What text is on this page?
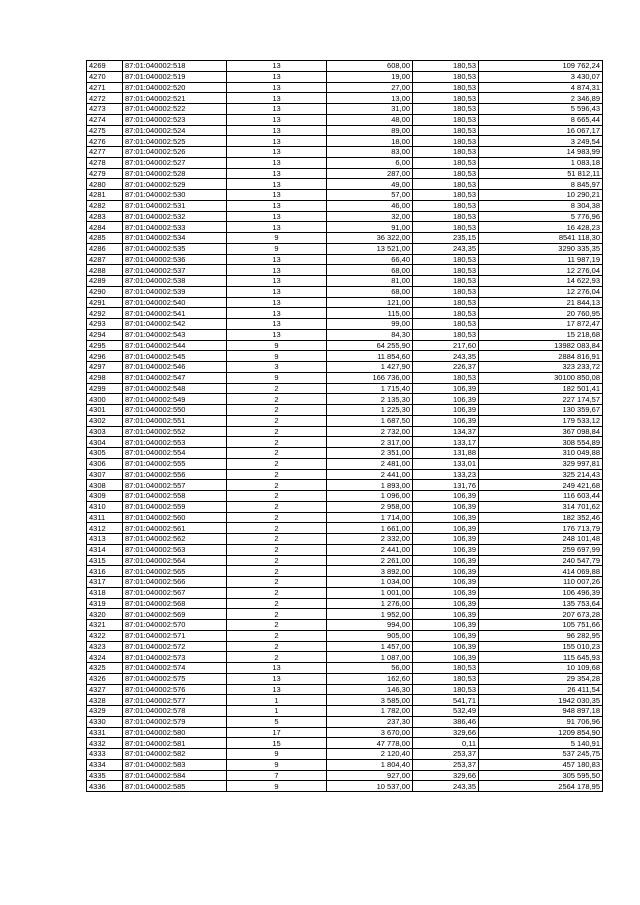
4269	87:01:040002:518	13	608,00	180,53	109 762,24
4270	87:01:040002:519	13	19,00	180,53	3 430,07
4271	87:01:040002:520	13	27,00	180,53	4 874,31
4272	87:01:040002:521	13	13,00	180,53	2 346,89
4273	87:01:040002:522	13	31,00	180,53	5 596,43
4274	87:01:040002:523	13	48,00	180,53	8 665,44
4275	87:01:040002:524	13	89,00	180,53	16 067,17
4276	87:01:040002:525	13	18,00	180,53	3 249,54
4277	87:01:040002:526	13	83,00	180,53	14 983,99
4278	87:01:040002:527	13	6,00	180,53	1 083,18
4279	87:01:040002:528	13	287,00	180,53	51 812,11
4280	87:01:040002:529	13	49,00	180,53	8 845,97
4281	87:01:040002:530	13	57,00	180,53	10 290,21
4282	87:01:040002:531	13	46,00	180,53	8 304,38
4283	87:01:040002:532	13	32,00	180,53	5 776,96
4284	87:01:040002:533	13	91,00	180,53	16 428,23
4285	87:01:040002:534	9	36 322,00	235,15	8541 118,30
4286	87:01:040002:535	9	13 521,00	243,35	3290 335,35
4287	87:01:040002:536	13	66,40	180,53	11 987,19
4288	87:01:040002:537	13	68,00	180,53	12 276,04
4289	87:01:040002:538	13	81,00	180,53	14 622,93
4290	87:01:040002:539	13	68,00	180,53	12 276,04
4291	87:01:040002:540	13	121,00	180,53	21 844,13
4292	87:01:040002:541	13	115,00	180,53	20 760,95
4293	87:01:040002:542	13	99,00	180,53	17 872,47
4294	87:01:040002:543	13	84,30	180,53	15 218,68
4295	87:01:040002:544	9	64 255,90	217,60	13982 083,84
4296	87:01:040002:545	9	11 854,60	243,35	2884 816,91
4297	87:01:040002:546	3	1 427,90	226,37	323 233,72
4298	87:01:040002:547	9	166 736,00	180,53	30100 850,08
4299	87:01:040002:548	2	1 715,40	106,39	182 501,41
4300	87:01:040002:549	2	2 135,30	106,39	227 174,57
4301	87:01:040002:550	2	1 225,30	106,39	130 359,67
4302	87:01:040002:551	2	1 687,50	106,39	179 533,12
4303	87:01:040002:552	2	2 732,00	134,37	367 098,84
4304	87:01:040002:553	2	2 317,00	133,17	308 554,89
4305	87:01:040002:554	2	2 351,00	131,88	310 049,88
4306	87:01:040002:555	2	2 481,00	133,01	329 997,81
4307	87:01:040002:556	2	2 441,00	133,23	325 214,43
4308	87:01:040002:557	2	1 893,00	131,76	249 421,68
4309	87:01:040002:558	2	1 096,00	106,39	116 603,44
4310	87:01:040002:559	2	2 958,00	106,39	314 701,62
4311	87:01:040002:560	2	1 714,00	106,39	182 352,46
4312	87:01:040002:561	2	1 661,00	106,39	176 713,79
4313	87:01:040002:562	2	2 332,00	106,39	248 101,48
4314	87:01:040002:563	2	2 441,00	106,39	259 697,99
4315	87:01:040002:564	2	2 261,00	106,39	240 547,79
4316	87:01:040002:565	2	3 892,00	106,39	414 069,88
4317	87:01:040002:566	2	1 034,00	106,39	110 007,26
4318	87:01:040002:567	2	1 001,00	106,39	106 496,39
4319	87:01:040002:568	2	1 276,00	106,39	135 753,64
4320	87:01:040002:569	2	1 952,00	106,39	207 673,28
4321	87:01:040002:570	2	994,00	106,39	105 751,66
4322	87:01:040002:571	2	905,00	106,39	96 282,95
4323	87:01:040002:572	2	1 457,00	106,39	155 010,23
4324	87:01:040002:573	2	1 087,00	106,39	115 645,93
4325	87:01:040002:574	13	56,00	180,53	10 109,68
4326	87:01:040002:575	13	162,60	180,53	29 354,28
4327	87:01:040002:576	13	146,30	180,53	26 411,54
4328	87:01:040002:577	1	3 585,00	541,71	1942 030,35
4329	87:01:040002:578	1	1 782,00	532,49	948 897,18
4330	87:01:040002:579	5	237,30	386,46	91 706,96
4331	87:01:040002:580	17	3 670,00	329,66	1209 854,90
4332	87:01:040002:581	15	47 778,00	0,11	5 140,91
4333	87:01:040002:582	9	2 120,40	253,37	537 245,75
4334	87:01:040002:583	9	1 804,40	253,37	457 180,83
4335	87:01:040002:584	7	927,00	329,66	305 595,50
4336	87:01:040002:585	9	10 537,00	243,35	2564 178,95
